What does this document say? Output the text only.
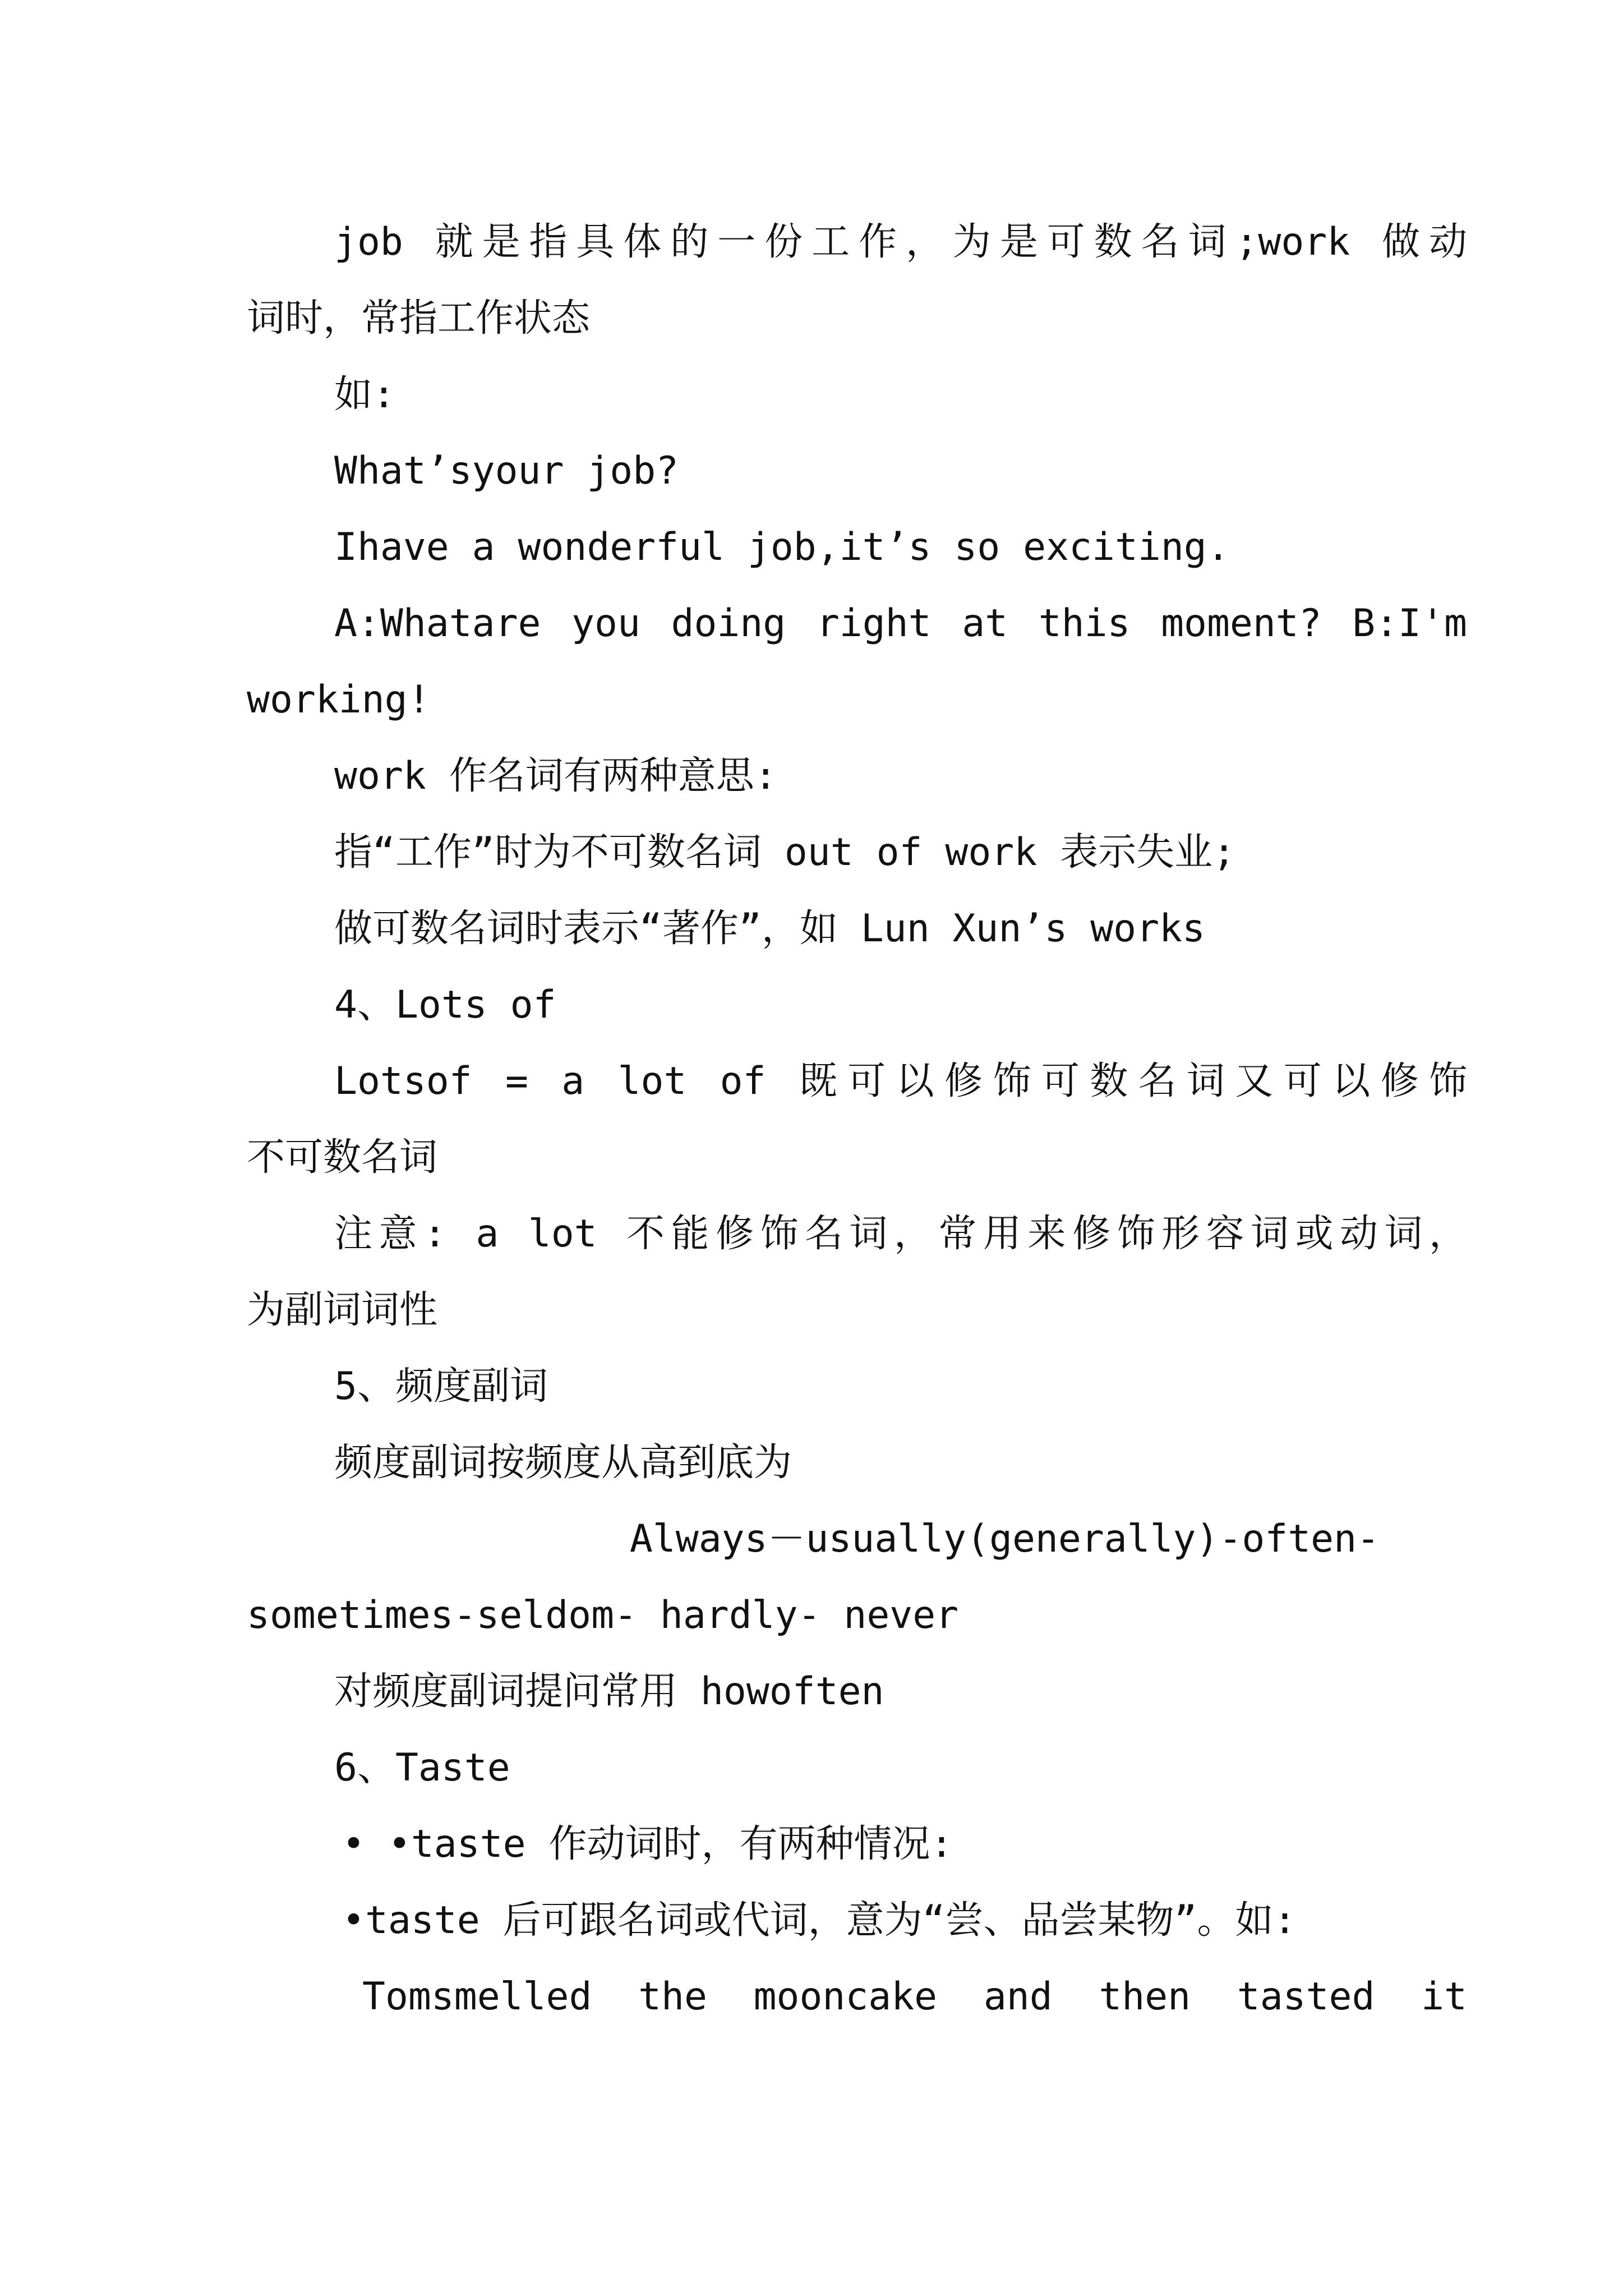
job 就是指具体的一份工作，为是可数名词;work 做动

词时，常指工作状态

如:

What’syour job?

Ihave a wonderful job,it’s so exciting.

A:Whatare you doing right at this moment? B:I'm

working!

work 作名词有两种意思:

指“工作”时为不可数名词 out of work 表示失业;

做可数名词时表示“著作”，如 Lun Xun’s works

4、Lots of

Lotsof = a lot of 既可以修饰可数名词又可以修饰

不可数名词

注意: a lot 不能修饰名词，常用来修饰形容词或动词，

为副词词性

5、频度副词

频度副词按频度从高到底为

Always－usually(generally)-often-

sometimes-seldom- hardly- never

对频度副词提问常用 howoften

6、Taste

• •taste 作动词时，有两种情况:

•taste 后可跟名词或代词，意为“尝、品尝某物”。如:

Tomsmelled the mooncake and then tasted it
